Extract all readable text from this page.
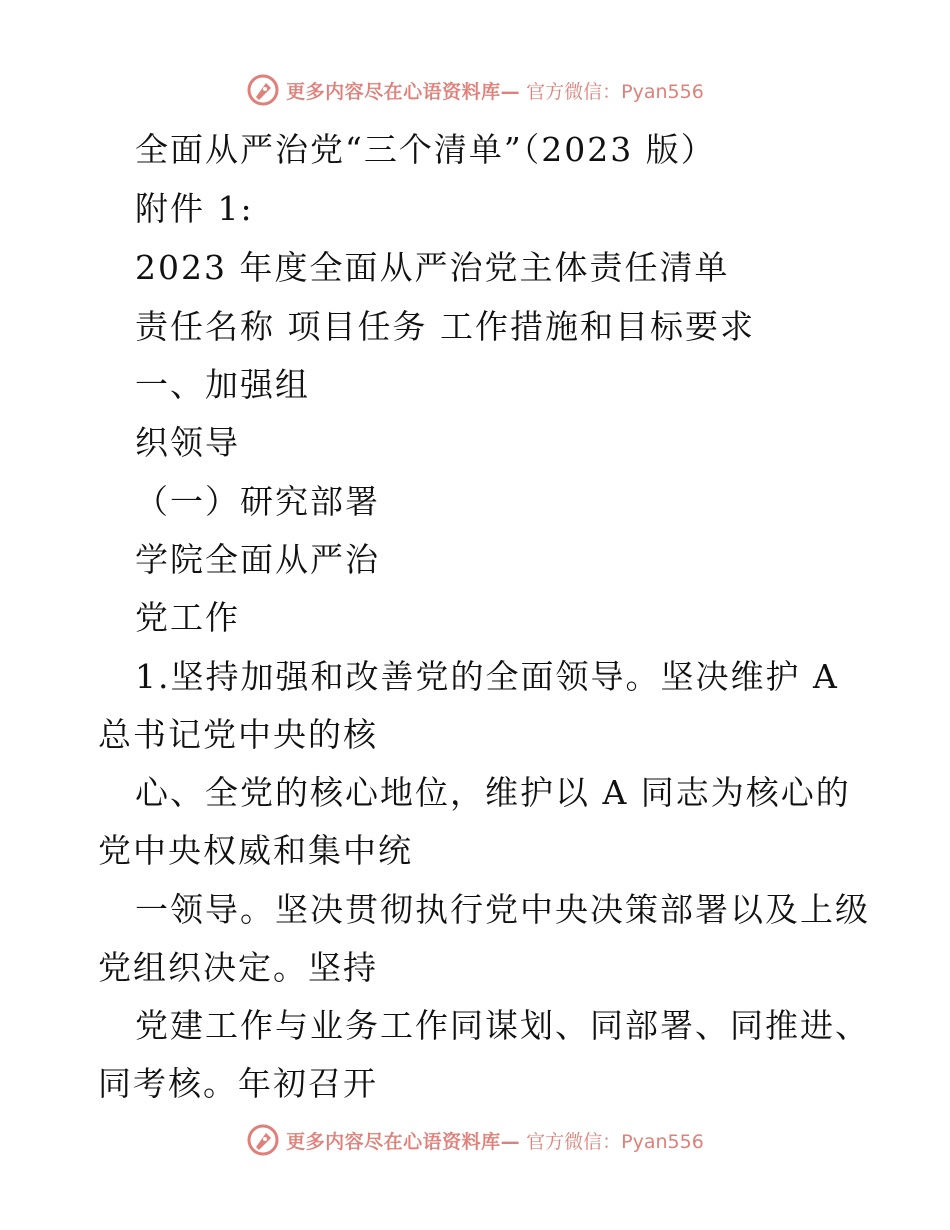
更多内容尽在心语资料库— 官方微信：Pyan556
全面从严治党“三个清单”（2023 版）
附件 1:
2023 年度全面从严治党主体责任清单
责任名称 项目任务 工作措施和目标要求
一、加强组
织领导
（一）研究部署
学院全面从严治
党工作
1.坚持加强和改善党的全面领导。坚决维护 A
总书记党中央的核
心、全党的核心地位，维护以 A 同志为核心的
党中央权威和集中统
一领导。坚决贯彻执行党中央决策部署以及上级
党组织决定。坚持
党建工作与业务工作同谋划、同部署、同推进、
同考核。年初召开
更多内容尽在心语资料库— 官方微信：Pyan556
